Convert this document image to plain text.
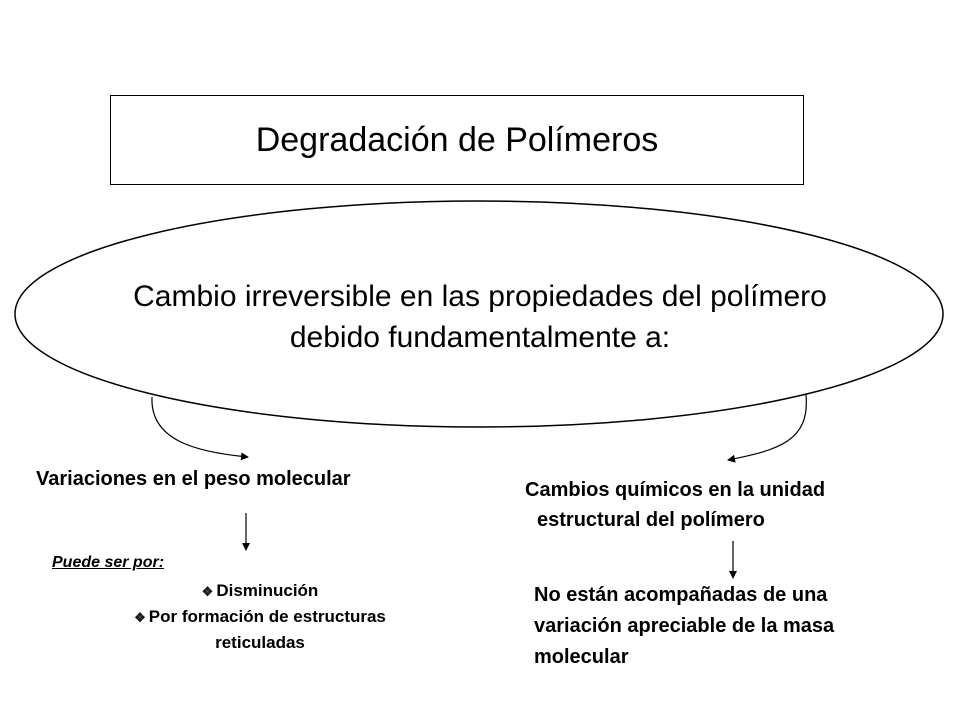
Degradación de Polímeros
Cambio irreversible en las propiedades del polímero
debido fundamentalmente a:
Variaciones en el peso molecular	Cambios químicos en la unidad
estructural del polímero
Puede ser por:
❖ Disminución
❖ Por formación de estructuras
reticuladas
No están acompañadas de una
variación apreciable de la masa
molecular
